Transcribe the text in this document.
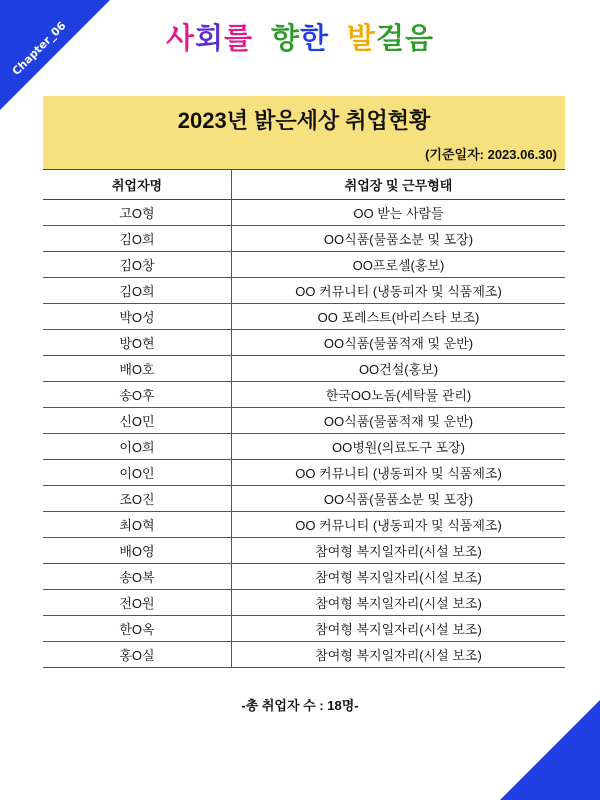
Chapter_06	사회를 향한 발걸음
2023년 밝은세상 취업현황
(기준일자: 2023.06.30)
취업자명	취업장 및 근무형태
고O형	OO 받는 사람들
김O희	OO식품(물품소분 및 포장)
김O창	OO프로셀(홍보)
김O희	OO 커뮤니티 (냉동피자 및 식품제조)
박O성	OO 포레스트(바리스타 보조)
방O현	OO식품(물품적재 및 운반)
배O호	OO건설(홍보)
송O후	한국OO노돔(세탁물 관리)
신O민	OO식품(물품적재 및 운반)
이O희	OO병원(의료도구 포장)
이O인	OO 커뮤니티 (냉동피자 및 식품제조)
조O진	OO식품(물품소분 및 포장)
최O혁	OO 커뮤니티 (냉동피자 및 식품제조)
배O영	참여형 복지일자리(시설 보조)
송O복	참여형 복지일자리(시설 보조)
전O원	참여형 복지일자리(시설 보조)
한O옥	참여형 복지일자리(시설 보조)
홍O실	참여형 복지일자리(시설 보조)
-총 취업자 수 : 18명-
